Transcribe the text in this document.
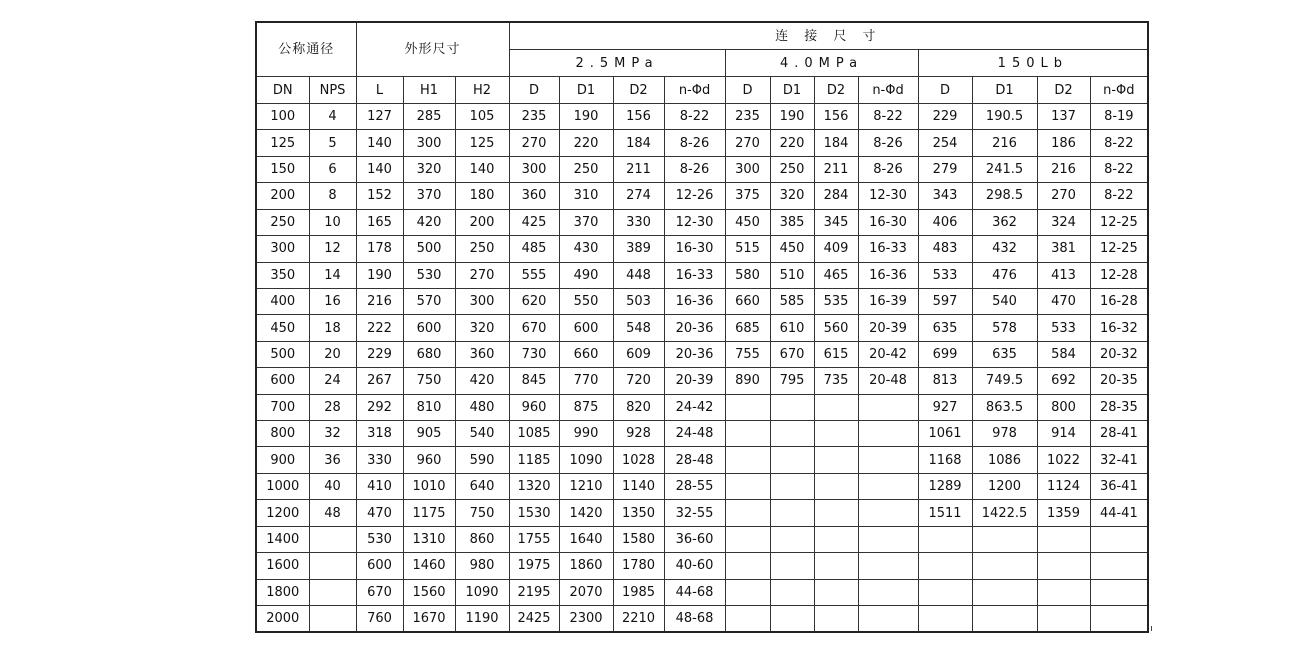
公称通径		外形尺寸			连 接 尺 寸											
					2.5MPa				4.0MPa				150Lb			
DN	NPS	L	H1	H2	D	D1	D2	n-Φd	D	D1	D2	n-Φd	D	D1	D2	n-Φd
100	4	127	285	105	235	190	156	8-22	235	190	156	8-22	229	190.5	137	8-19
125	5	140	300	125	270	220	184	8-26	270	220	184	8-26	254	216	186	8-22
150	6	140	320	140	300	250	211	8-26	300	250	211	8-26	279	241.5	216	8-22
200	8	152	370	180	360	310	274	12-26	375	320	284	12-30	343	298.5	270	8-22
250	10	165	420	200	425	370	330	12-30	450	385	345	16-30	406	362	324	12-25
300	12	178	500	250	485	430	389	16-30	515	450	409	16-33	483	432	381	12-25
350	14	190	530	270	555	490	448	16-33	580	510	465	16-36	533	476	413	12-28
400	16	216	570	300	620	550	503	16-36	660	585	535	16-39	597	540	470	16-28
450	18	222	600	320	670	600	548	20-36	685	610	560	20-39	635	578	533	16-32
500	20	229	680	360	730	660	609	20-36	755	670	615	20-42	699	635	584	20-32
600	24	267	750	420	845	770	720	20-39	890	795	735	20-48	813	749.5	692	20-35
700	28	292	810	480	960	875	820	24-42					927	863.5	800	28-35
800	32	318	905	540	1085	990	928	24-48					1061	978	914	28-41
900	36	330	960	590	1185	1090	1028	28-48					1168	1086	1022	32-41
1000	40	410	1010	640	1320	1210	1140	28-55					1289	1200	1124	36-41
1200	48	470	1175	750	1530	1420	1350	32-55					1511	1422.5	1359	44-41
1400		530	1310	860	1755	1640	1580	36-60								
1600		600	1460	980	1975	1860	1780	40-60								
1800		670	1560	1090	2195	2070	1985	44-68								
2000		760	1670	1190	2425	2300	2210	48-68								
